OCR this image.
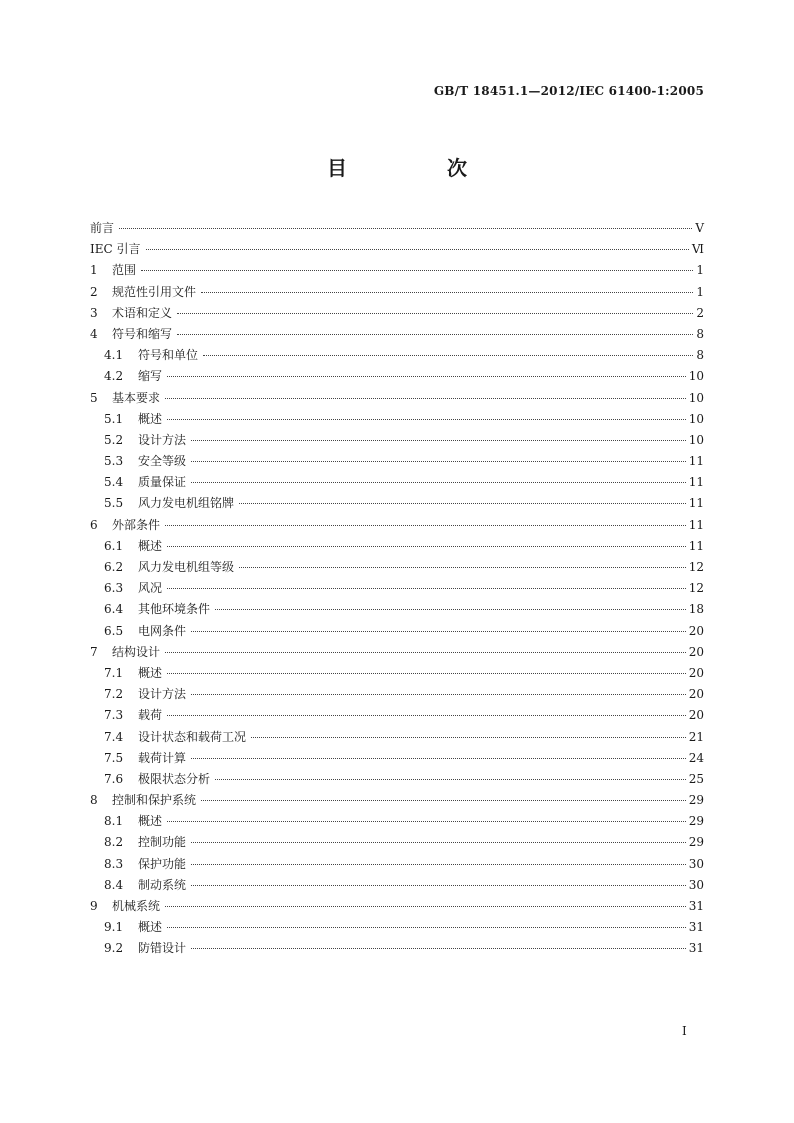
GB/T 18451.1—2012/IEC 61400-1:2005
目　次
前言	Ⅴ
IEC 引言	Ⅵ
1	范围	1
2	规范性引用文件	1
3	术语和定义	2
4	符号和缩写	8
4.1	符号和单位	8
4.2	缩写	10
5	基本要求	10
5.1	概述	10
5.2	设计方法	10
5.3	安全等级	11
5.4	质量保证	11
5.5	风力发电机组铭牌	11
6	外部条件	11
6.1	概述	11
6.2	风力发电机组等级	12
6.3	风况	12
6.4	其他环境条件	18
6.5	电网条件	20
7	结构设计	20
7.1	概述	20
7.2	设计方法	20
7.3	载荷	20
7.4	设计状态和载荷工况	21
7.5	载荷计算	24
7.6	极限状态分析	25
8	控制和保护系统	29
8.1	概述	29
8.2	控制功能	29
8.3	保护功能	30
8.4	制动系统	30
9	机械系统	31
9.1	概述	31
9.2	防错设计	31
Ⅰ
